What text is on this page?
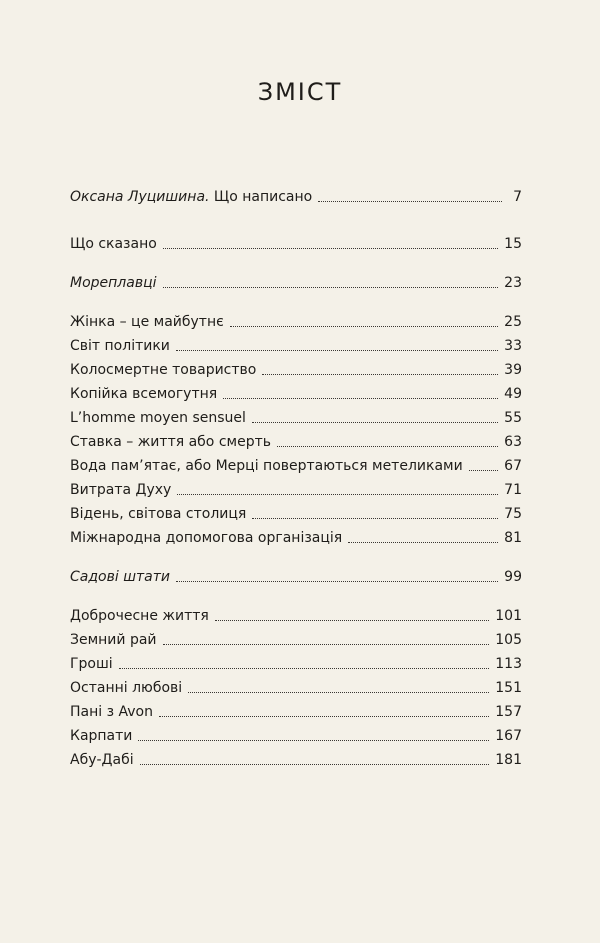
ЗМІСТ
Оксана Луцишина. Що написано	7
Що сказано	15
Мореплавці	23
Жінка – це майбутнє	25
Світ політики	33
Колосмертне товариство	39
Копійка всемогутня	49
L’homme moyen sensuel	55
Ставка – життя або смерть	63
Вода пам’ятає, або Мерці повертаються метеликами	67
Витрата Духу	71
Відень, світова столиця	75
Міжнародна допомогова організація	81
Садові штати	99
Доброчесне життя	101
Земний рай	105
Гроші	113
Останні любові	151
Пані з Avon	157
Карпати	167
Абу-Дабі	181
